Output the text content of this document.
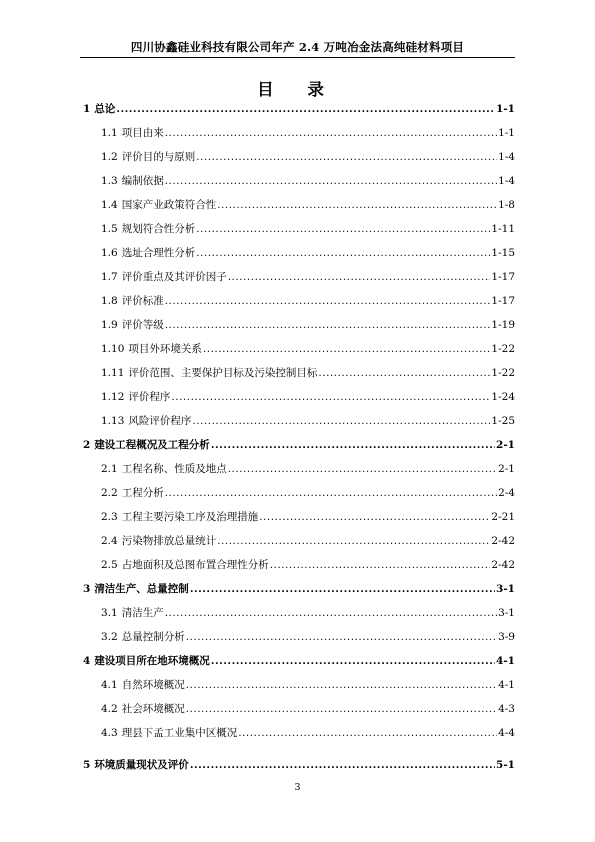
四川协鑫硅业科技有限公司年产 2.4 万吨冶金法高纯硅材料项目
目 录
1 总论 .....	1-1
1.1 项目由来 .....	1-1
1.2 评价目的与原则 .....	1-4
1.3 编制依据 .....	1-4
1.4 国家产业政策符合性 .....	1-8
1.5 规划符合性分析 .....	1-11
1.6 选址合理性分析 .....	1-15
1.7 评价重点及其评价因子 .....	1-17
1.8 评价标准 .....	1-17
1.9 评价等级 .....	1-19
1.10 项目外环境关系 .....	1-22
1.11 评价范围、主要保护目标及污染控制目标 .....	1-22
1.12 评价程序 .....	1-24
1.13 风险评价程序 .....	1-25
2 建设工程概况及工程分析 .....	2-1
2.1 工程名称、性质及地点 .....	2-1
2.2 工程分析 .....	2-4
2.3 工程主要污染工序及治理措施 .....	2-21
2.4 污染物排放总量统计 .....	2-42
2.5 占地面积及总图布置合理性分析 .....	2-42
3 清洁生产、总量控制 .....	3-1
3.1 清洁生产 .....	3-1
3.2 总量控制分析 .....	3-9
4 建设项目所在地环境概况 .....	4-1
4.1 自然环境概况 .....	4-1
4.2 社会环境概况 .....	4-3
4.3 理县下孟工业集中区概况 .....	4-4
5 环境质量现状及评价 .....	5-1
3
